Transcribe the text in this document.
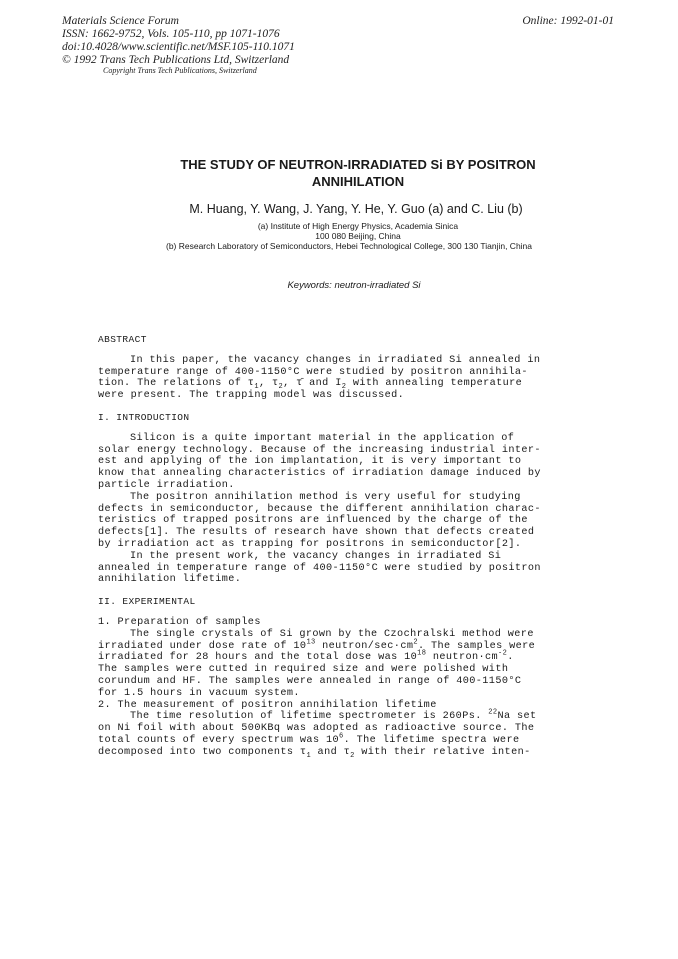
Materials Science Forum
ISSN: 1662-9752, Vols. 105-110, pp 1071-1076
doi:10.4028/www.scientific.net/MSF.105-110.1071
© 1992 Trans Tech Publications Ltd, Switzerland
Online: 1992-01-01
Copyright Trans Tech Publications, Switzerland
THE STUDY OF NEUTRON-IRRADIATED Si BY POSITRON
ANNIHILATION
M. Huang, Y. Wang, J. Yang, Y. He, Y. Guo (a) and C. Liu (b)
(a) Institute of High Energy Physics, Academia Sinica
100 080 Beijing, China
(b) Research Laboratory of Semiconductors, Hebei Technological College, 300 130 Tianjin, China
Keywords: neutron-irradiated Si

ABSTRACT

In this paper, the vacancy changes in irradiated Si annealed in

temperature range of 400-1150°C were studied by positron annihila-

tion. The relations of $\tau_1$, $\tau_2$, τ̄ and $I_2$ with annealing temperature

were present. The trapping model was discussed.

I. INTRODUCTION

Silicon is a quite important material in the application of

solar energy technology. Because of the increasing industrial inter-

est and applying of the ion implantation, it is very important to

know that annealing characteristics of irradiation damage induced by

particle irradiation.

The positron annihilation method is very useful for studying

defects in semiconductor, because the different annihilation charac-

teristics of trapped positrons are influenced by the charge of the

defects[1]. The results of research have shown that defects created

by irradiation act as trapping for positrons in semiconductor[2].

In the present work, the vacancy changes in irradiated Si

annealed in temperature range of 400-1150°C were studied by positron

annihilation lifetime.

II. EXPERIMENTAL

1. Preparation of samples

The single crystals of Si grown by the Czochralski method were

irradiated under dose rate of $10^{13}$ neutron/$\sec\cdot cm^2$. The samples were

irradiated for 28 hours and the total dose was $10^{18}$ $neutron\cdot cm^{-2}$.

The samples were cutted in required size and were polished with

corundum and HF. The samples were annealed in range of 400-1150°C

for 1.5 hours in vacuum system.

2. The measurement of positron annihilation lifetime

The time resolution of lifetime spectrometer is 260Ps. $^{22}$Na set

on Ni foil with about 500KBq was adopted as radioactive source. The

total counts of every spectrum was $10^6$. The lifetime spectra were

decomposed into two components $\tau_1$ and $\tau_2$ with their relative inten-
